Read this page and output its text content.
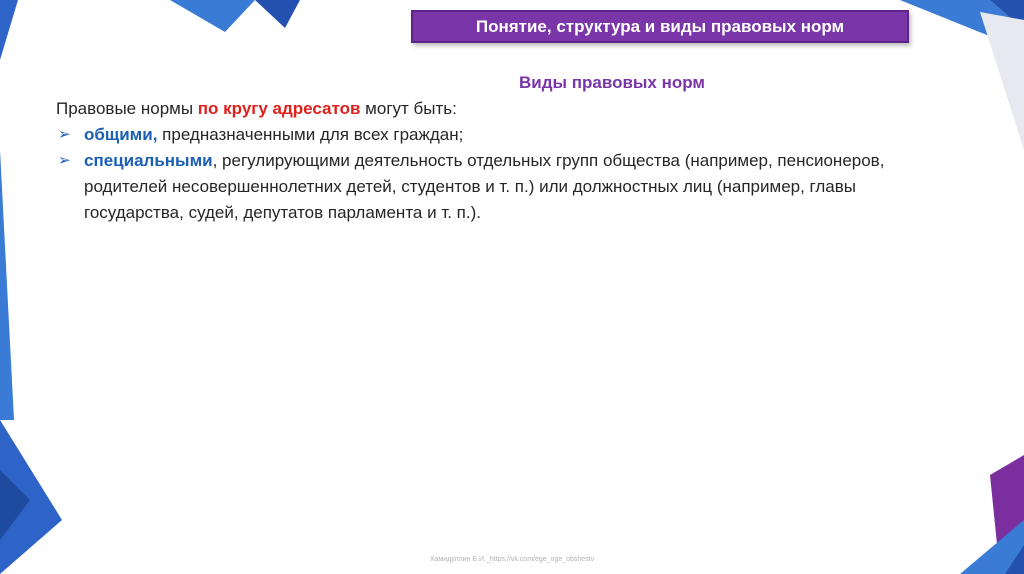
Понятие, структура и виды правовых норм
Виды правовых норм

Правовые нормы по кругу адресатов могут быть:

➢ общими, предназначенными для всех граждан;
➢ специальными, регулирующими деятельность отдельных групп общества (например, пенсионеров, родителей несовершеннолетних детей, студентов и т. п.) или должностных лиц (например, главы государства, судей, депутатов парламента и т. п.).
Хамидуллин Б.И._https://vk.com/ege_oge_obshestv
